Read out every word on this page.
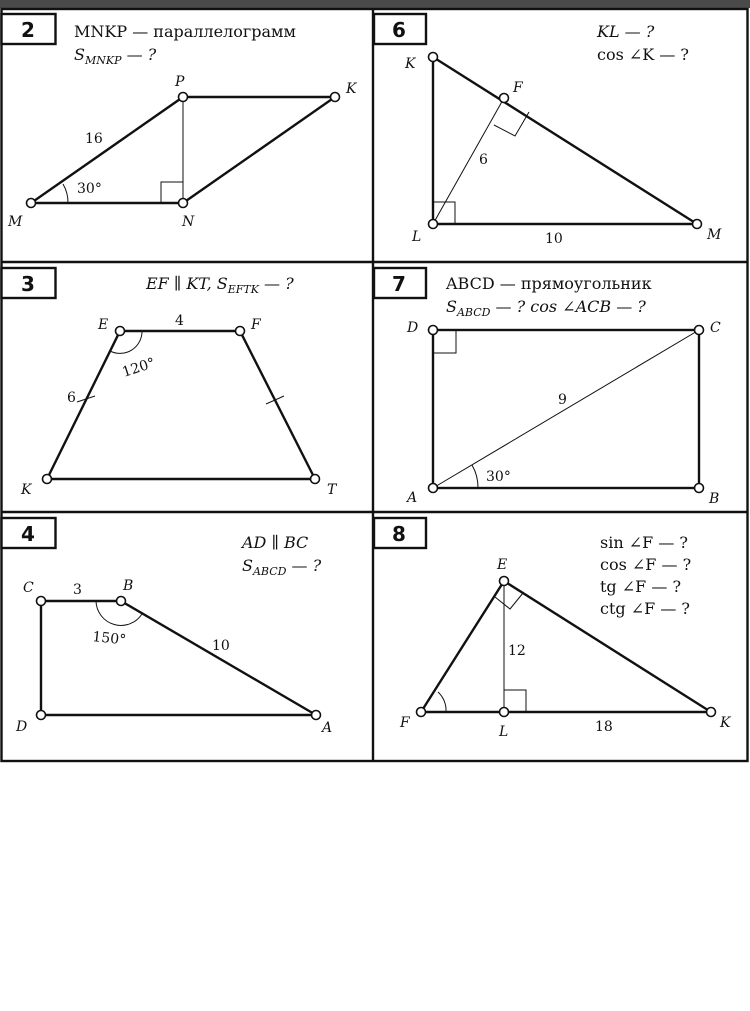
2 MNKP — параллелограмм
$S_{MNKP}$ — ?
M	N
K
P
16
30°
6	KL — ?
cos ∠K — ?
K
F
L	M
6
10
3	EF ∥ KT, $S_{EFTK}$ — ?
E	F
K	T
4
6
120°
7	ABCD — прямоугольник
$S_{ABCD}$ — ? cos ∠ACB — ?
D	C
B
A
9
30°
4	AD ∥ BC
$S_{ABCD}$ — ?
C	B
A
D
3
10
150°
8	sin ∠F — ?
cos ∠F — ?
tg ∠F — ?
ctg ∠F — ?
E
K
F
L
12
18
